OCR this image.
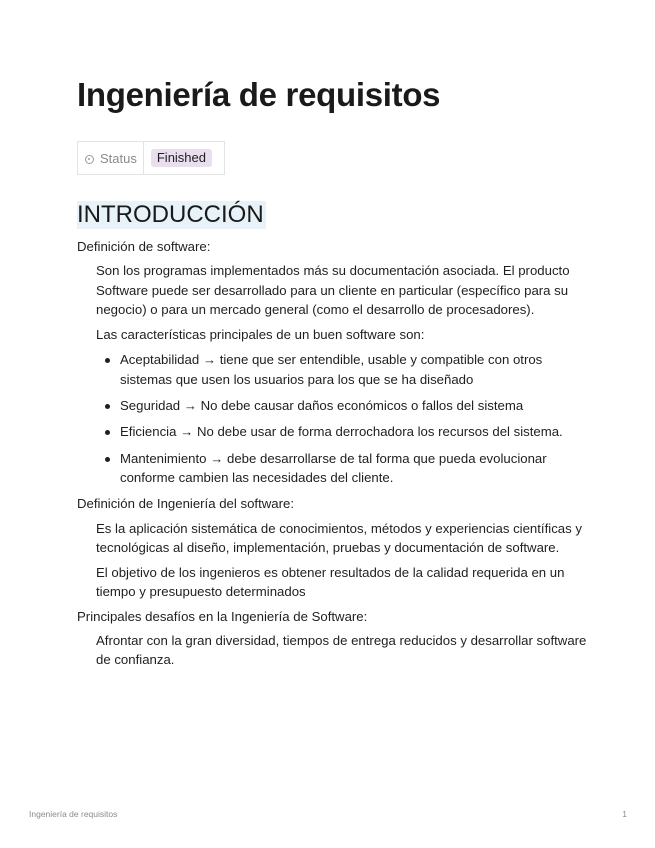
Ingeniería de requisitos
Status	Finished
INTRODUCCIÓN

Definición de software:

Son los programas implementados más su documentación asociada. El producto Software puede ser desarrollado para un cliente en particular (específico para su negocio) o para un mercado general (como el desarrollo de procesadores).

Las características principales de un buen software son:

Aceptabilidad → tiene que ser entendible, usable y compatible con otros sistemas que usen los usuarios para los que se ha diseñado
Seguridad → No debe causar daños económicos o fallos del sistema
Eficiencia → No debe usar de forma derrochadora los recursos del sistema.
Mantenimiento → debe desarrollarse de tal forma que pueda evolucionar conforme cambien las necesidades del cliente.

Definición de Ingeniería del software:

Es la aplicación sistemática de conocimientos, métodos y experiencias científicas y tecnológicas al diseño, implementación, pruebas y documentación de software.

El objetivo de los ingenieros es obtener resultados de la calidad requerida en un tiempo y presupuesto determinados

Principales desafíos en la Ingeniería de Software:

Afrontar con la gran diversidad, tiempos de entrega reducidos y desarrollar software de confianza.

Ingeniería de requisitos	1
